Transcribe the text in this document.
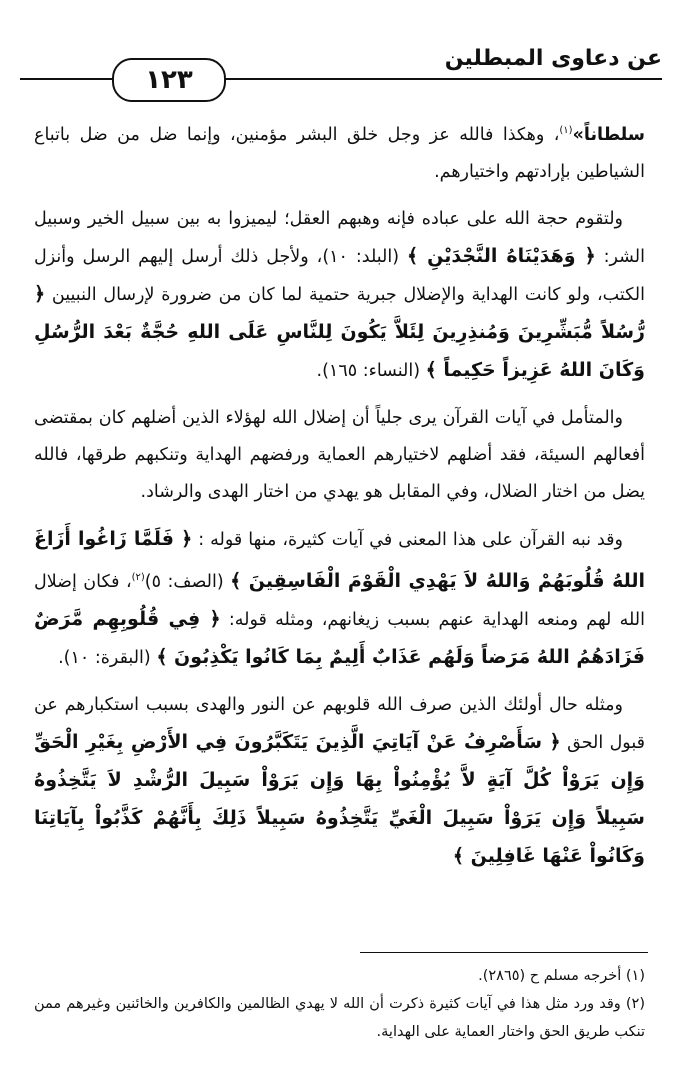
١٢٣
عن دعاوى المبطلين

سلطاناً»$^{(١)}$، وهكذا فالله عز وجل خلق البشر مؤمنين، وإنما ضل من ضل باتباع الشياطين بإرادتهم واختيارهم.

ولتقوم حجة الله على عباده فإنه وهبهم العقل؛ ليميزوا به بين سبيل الخير وسبيل الشر: ﴿ وَهَدَيْنَاهُ النَّجْدَيْنِ ﴾ (البلد: ١٠)، ولأجل ذلك أرسل إليهم الرسل وأنزل الكتب، ولو كانت الهداية والإضلال جبرية حتمية لما كان من ضرورة لإرسال النبيين ﴿ رُّسُلاً مُّبَشِّرِينَ وَمُنذِرِينَ لِئَلاَّ يَكُونَ لِلنَّاسِ عَلَى اللهِ حُجَّةٌ بَعْدَ الرُّسُلِ وَكَانَ اللهُ عَزِيزاً حَكِيماً ﴾ (النساء: ١٦٥).

والمتأمل في آيات القرآن يرى جلياً أن إضلال الله لهؤلاء الذين أضلهم كان بمقتضى أفعالهم السيئة، فقد أضلهم لاختيارهم العماية ورفضهم الهداية وتنكبهم طرقها، فالله يضل من اختار الضلال، وفي المقابل هو يهدي من اختار الهدى والرشاد.

وقد نبه القرآن على هذا المعنى في آيات كثيرة، منها قوله : ﴿ فَلَمَّا زَاغُوا أَزَاغَ اللهُ قُلُوبَهُمْ وَاللهُ لاَ يَهْدِي الْقَوْمَ الْفَاسِقِينَ ﴾ (الصف: ٥)$^{(٢)}$، فكان إضلال الله لهم ومنعه الهداية عنهم بسبب زيغانهم، ومثله قوله: ﴿ فِي قُلُوبِهِم مَّرَضٌ فَزَادَهُمُ اللهُ مَرَضاً وَلَهُم عَذَابٌ أَلِيمٌ بِمَا كَانُوا يَكْذِبُونَ ﴾ (البقرة: ١٠).

ومثله حال أولئك الذين صرف الله قلوبهم عن النور والهدى بسبب استكبارهم عن قبول الحق ﴿ سَأَصْرِفُ عَنْ آيَاتِيَ الَّذِينَ يَتَكَبَّرُونَ فِي الأَرْضِ بِغَيْرِ الْحَقِّ وَإِن يَرَوْاْ كُلَّ آيَةٍ لاَّ يُؤْمِنُواْ بِهَا وَإِن يَرَوْاْ سَبِيلَ الرُّشْدِ لاَ يَتَّخِذُوهُ سَبِيلاً وَإِن يَرَوْاْ سَبِيلَ الْغَيِّ يَتَّخِذُوهُ سَبِيلاً ذَلِكَ بِأَنَّهُمْ كَذَّبُواْ بِآيَاتِنَا وَكَانُواْ عَنْهَا غَافِلِينَ ﴾

(١) أخرجه مسلم ح (٢٨٦٥).

(٢) وقد ورد مثل هذا في آيات كثيرة ذكرت أن الله لا يهدي الظالمين والكافرين والخائنين وغيرهم ممن تنكب طريق الحق واختار العماية على الهداية.
